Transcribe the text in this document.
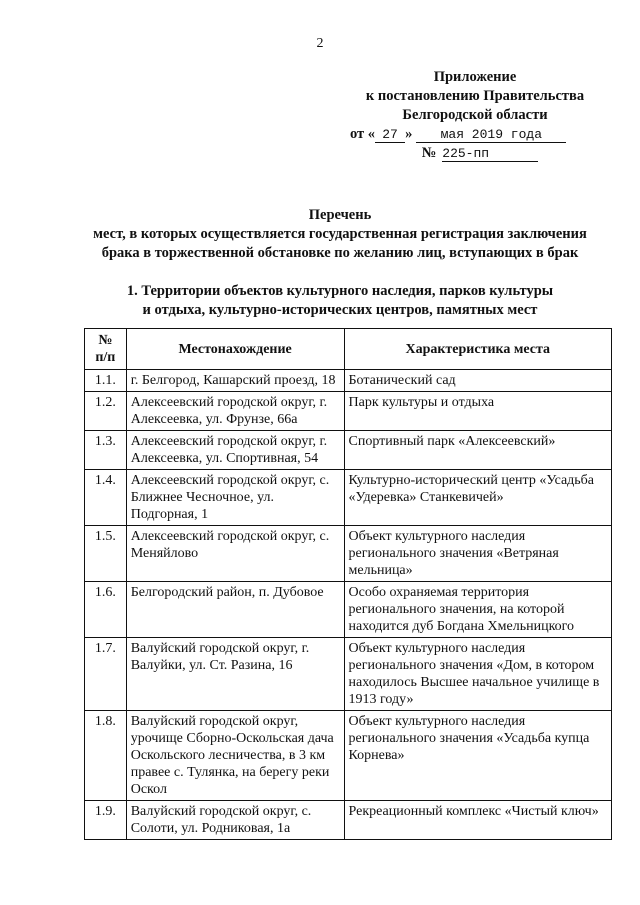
2
Приложение
к постановлению Правительства
Белгородской области
от « 27 »	мая 2019 года
№ 225-пп
Перечень
мест, в которых осуществляется государственная регистрация заключения
брака в торжественной обстановке по желанию лиц, вступающих в брак
1. Территории объектов культурного наследия, парков культуры
и отдыха, культурно-исторических центров, памятных мест
№
п/п	Местонахождение	Характеристика места
1.1.	г. Белгород, Кашарский проезд, 18	Ботанический сад
1.2.	Алексеевский городской округ, г. Алексеевка, ул. Фрунзе, 66а	Парк культуры и отдыха
1.3.	Алексеевский городской округ, г. Алексеевка, ул. Спортивная, 54	Спортивный парк «Алексеевский»
1.4.	Алексеевский городской округ, с. Ближнее Чесночное, ул. Подгорная, 1	Культурно-исторический центр «Усадьба «Удеревка» Станкевичей»
1.5.	Алексеевский городской округ, с. Меняйлово	Объект культурного наследия регионального значения «Ветряная мельница»
1.6.	Белгородский район, п. Дубовое	Особо охраняемая территория регионального значения, на которой находится дуб Богдана Хмельницкого
1.7.	Валуйский городской округ, г. Валуйки, ул. Ст. Разина, 16	Объект культурного наследия регионального значения «Дом, в котором находилось Высшее начальное училище в 1913 году»
1.8.	Валуйский городской округ, урочище Сборно-Оскольская дача Оскольского лесничества, в 3 км правее с. Тулянка, на берегу реки Оскол	Объект культурного наследия регионального значения «Усадьба купца Корнева»
1.9.	Валуйский городской округ, с. Солоти, ул. Родниковая, 1а	Рекреационный комплекс «Чистый ключ»
